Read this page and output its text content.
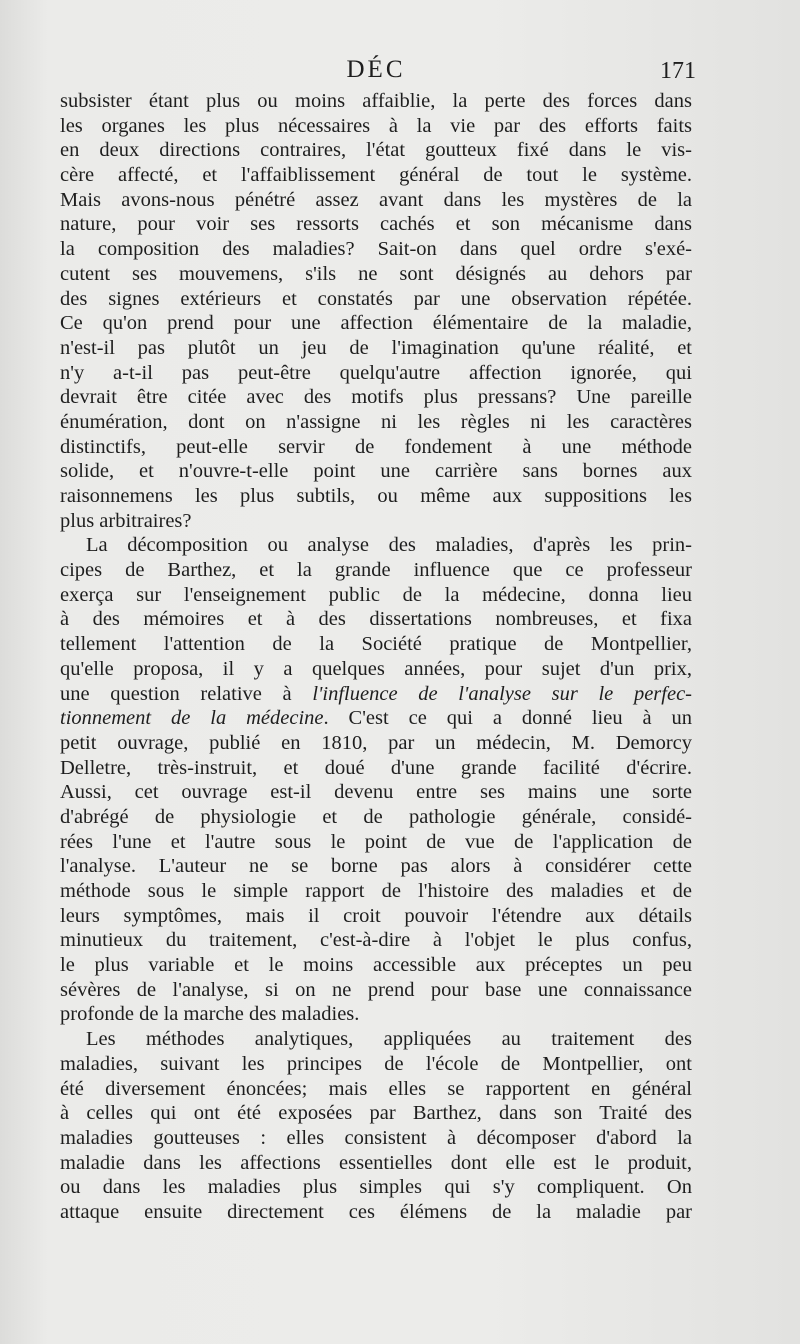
DÉC	171
subsister étant plus ou moins affaiblie, la perte des forces dans
les organes les plus nécessaires à la vie par des efforts faits
en deux directions contraires, l'état goutteux fixé dans le vis-
cère affecté, et l'affaiblissement général de tout le système.
Mais avons-nous pénétré assez avant dans les mystères de la
nature, pour voir ses ressorts cachés et son mécanisme dans
la composition des maladies? Sait-on dans quel ordre s'exé-
cutent ses mouvemens, s'ils ne sont désignés au dehors par
des signes extérieurs et constatés par une observation répétée.
Ce qu'on prend pour une affection élémentaire de la maladie,
n'est-il pas plutôt un jeu de l'imagination qu'une réalité, et
n'y a-t-il pas peut-être quelqu'autre affection ignorée, qui
devrait être citée avec des motifs plus pressans? Une pareille
énumération, dont on n'assigne ni les règles ni les caractères
distinctifs, peut-elle servir de fondement à une méthode
solide, et n'ouvre-t-elle point une carrière sans bornes aux
raisonnemens les plus subtils, ou même aux suppositions les
plus arbitraires?
La décomposition ou analyse des maladies, d'après les prin-
cipes de Barthez, et la grande influence que ce professeur
exerça sur l'enseignement public de la médecine, donna lieu
à des mémoires et à des dissertations nombreuses, et fixa
tellement l'attention de la Société pratique de Montpellier,
qu'elle proposa, il y a quelques années, pour sujet d'un prix,
une question relative à l'influence de l'analyse sur le perfec-
tionnement de la médecine. C'est ce qui a donné lieu à un
petit ouvrage, publié en 1810, par un médecin, M. Demorcy
Delletre, très-instruit, et doué d'une grande facilité d'écrire.
Aussi, cet ouvrage est-il devenu entre ses mains une sorte
d'abrégé de physiologie et de pathologie générale, considé-
rées l'une et l'autre sous le point de vue de l'application de
l'analyse. L'auteur ne se borne pas alors à considérer cette
méthode sous le simple rapport de l'histoire des maladies et de
leurs symptômes, mais il croit pouvoir l'étendre aux détails
minutieux du traitement, c'est-à-dire à l'objet le plus confus,
le plus variable et le moins accessible aux préceptes un peu
sévères de l'analyse, si on ne prend pour base une connaissance
profonde de la marche des maladies.
Les méthodes analytiques, appliquées au traitement des
maladies, suivant les principes de l'école de Montpellier, ont
été diversement énoncées; mais elles se rapportent en général
à celles qui ont été exposées par Barthez, dans son Traité des
maladies goutteuses : elles consistent à décomposer d'abord la
maladie dans les affections essentielles dont elle est le produit,
ou dans les maladies plus simples qui s'y compliquent. On
attaque ensuite directement ces élémens de la maladie par
